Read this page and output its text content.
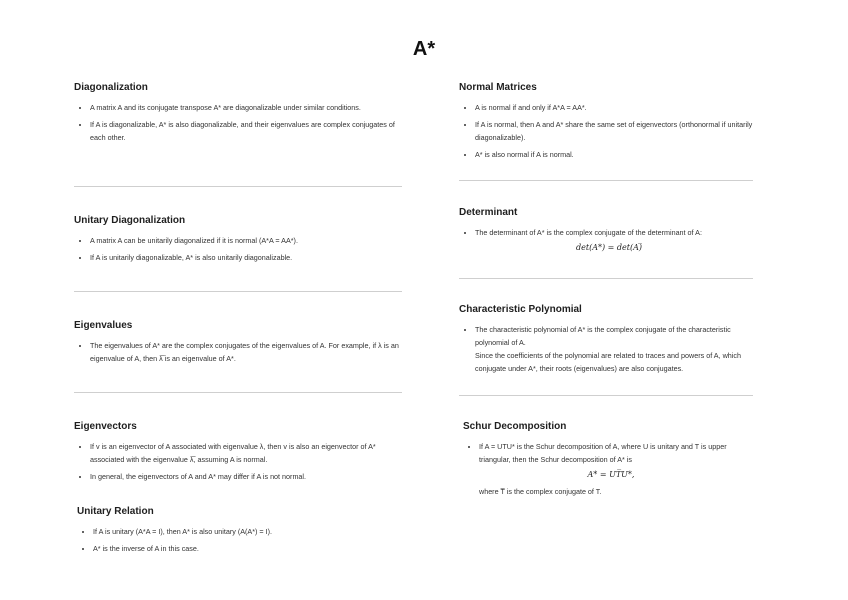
A*
Diagonalization
• A matrix A and its conjugate transpose A* are diagonalizable under similar conditions.
• If A is diagonalizable, A* is also diagonalizable, and their eigenvalues are complex conjugates of each other.
Unitary Diagonalization
• A matrix A can be unitarily diagonalized if it is normal (A*A = AA*).
• If A is unitarily diagonalizable, A* is also unitarily diagonalizable.
Eigenvalues
• The eigenvalues of A* are the complex conjugates of the eigenvalues of A. For example, if λ is an eigenvalue of A, then λ̅ is an eigenvalue of A*.
Eigenvectors
• If v is an eigenvector of A associated with eigenvalue λ, then v is also an eigenvector of A* associated with the eigenvalue λ̅, assuming A is normal.
• In general, the eigenvectors of A and A* may differ if A is not normal.
Unitary Relation
• If A is unitary (A*A = I), then A* is also unitary (A(A*) = I).
• A* is the inverse of A in this case.
Normal Matrices
• A is normal if and only if A*A = AA*.
• If A is normal, then A and A* share the same set of eigenvectors (orthonormal if unitarily diagonalizable).
• A* is also normal if A is normal.
Determinant
• The determinant of A* is the complex conjugate of the determinant of A:
det(A*) = det(A)̅
Characteristic Polynomial
• The characteristic polynomial of A* is the complex conjugate of the characteristic polynomial of A.
Since the coefficients of the polynomial are related to traces and powers of A, which conjugate under A*, their roots (eigenvalues) are also conjugates.
Schur Decomposition
• If A = UTU* is the Schur decomposition of A, where U is unitary and T is upper triangular, then the Schur decomposition of A* is
A* = UT̅U*,
where T̅ is the complex conjugate of T.
